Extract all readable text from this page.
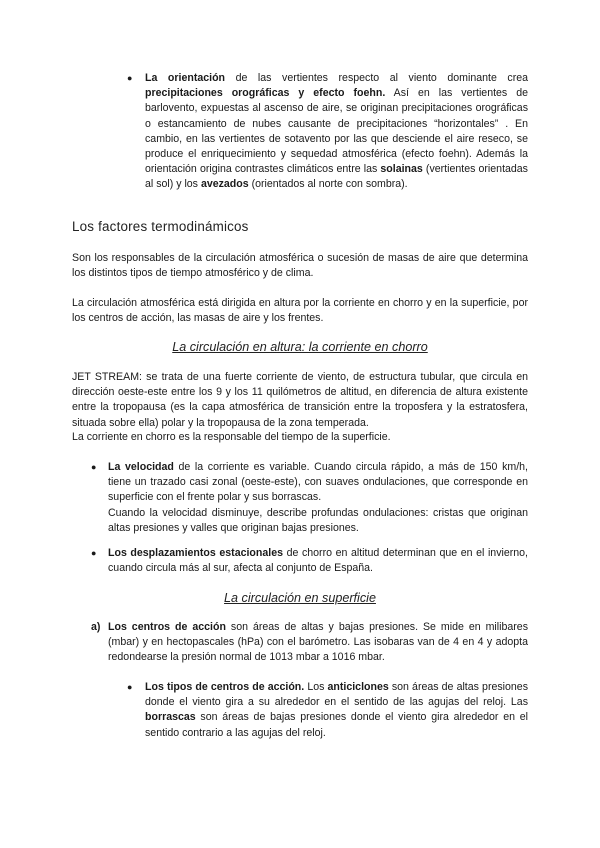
● La orientación de las vertientes respecto al viento dominante crea precipitaciones orográficas y efecto foehn. Así en las vertientes de barlovento, expuestas al ascenso de aire, se originan precipitaciones orográficas o estancamiento de nubes causante de precipitaciones “horizontales” . En cambio, en las vertientes de sotavento por las que desciende el aire reseco, se produce el enriquecimiento y sequedad atmosférica (efecto foehn). Además la orientación origina contrastes climáticos entre las solainas (vertientes orientadas al sol) y los avezados (orientados al norte con sombra).
Los factores termodinámicos
Son los responsables de la circulación atmosférica o sucesión de masas de aire que determina los distintos tipos de tiempo atmosférico y de clima.
La circulación atmosférica está dirigida en altura por la corriente en chorro y en la superficie, por los centros de acción, las masas de aire y los frentes.
La circulación en altura: la corriente en chorro
JET STREAM: se trata de una fuerte corriente de viento, de estructura tubular, que circula en dirección oeste-este entre los 9 y los 11 quilómetros de altitud, en diferencia de altura existente entre la tropopausa (es la capa atmosférica de transición entre la troposfera y la estratosfera, situada sobre ella) polar y la tropopausa de la zona temperada.
La corriente en chorro es la responsable del tiempo de la superficie.
● La velocidad de la corriente es variable. Cuando circula rápido, a más de 150 km/h, tiene un trazado casi zonal (oeste-este), con suaves ondulaciones, que corresponde en superficie con el frente polar y sus borrascas.
Cuando la velocidad disminuye, describe profundas ondulaciones: cristas que originan altas presiones y valles que originan bajas presiones.
● Los desplazamientos estacionales de chorro en altitud determinan que en el invierno, cuando circula más al sur, afecta al conjunto de España.
La circulación en superficie
a) Los centros de acción son áreas de altas y bajas presiones. Se mide en milibares (mbar) y en hectopascales (hPa) con el barómetro. Las isobaras van de 4 en 4 y adopta redondearse la presión normal de 1013 mbar a 1016 mbar.
● Los tipos de centros de acción. Los anticiclones son áreas de altas presiones donde el viento gira a su alrededor en el sentido de las agujas del reloj. Las borrascas son áreas de bajas presiones donde el viento gira alrededor en el sentido contrario a las agujas del reloj.
